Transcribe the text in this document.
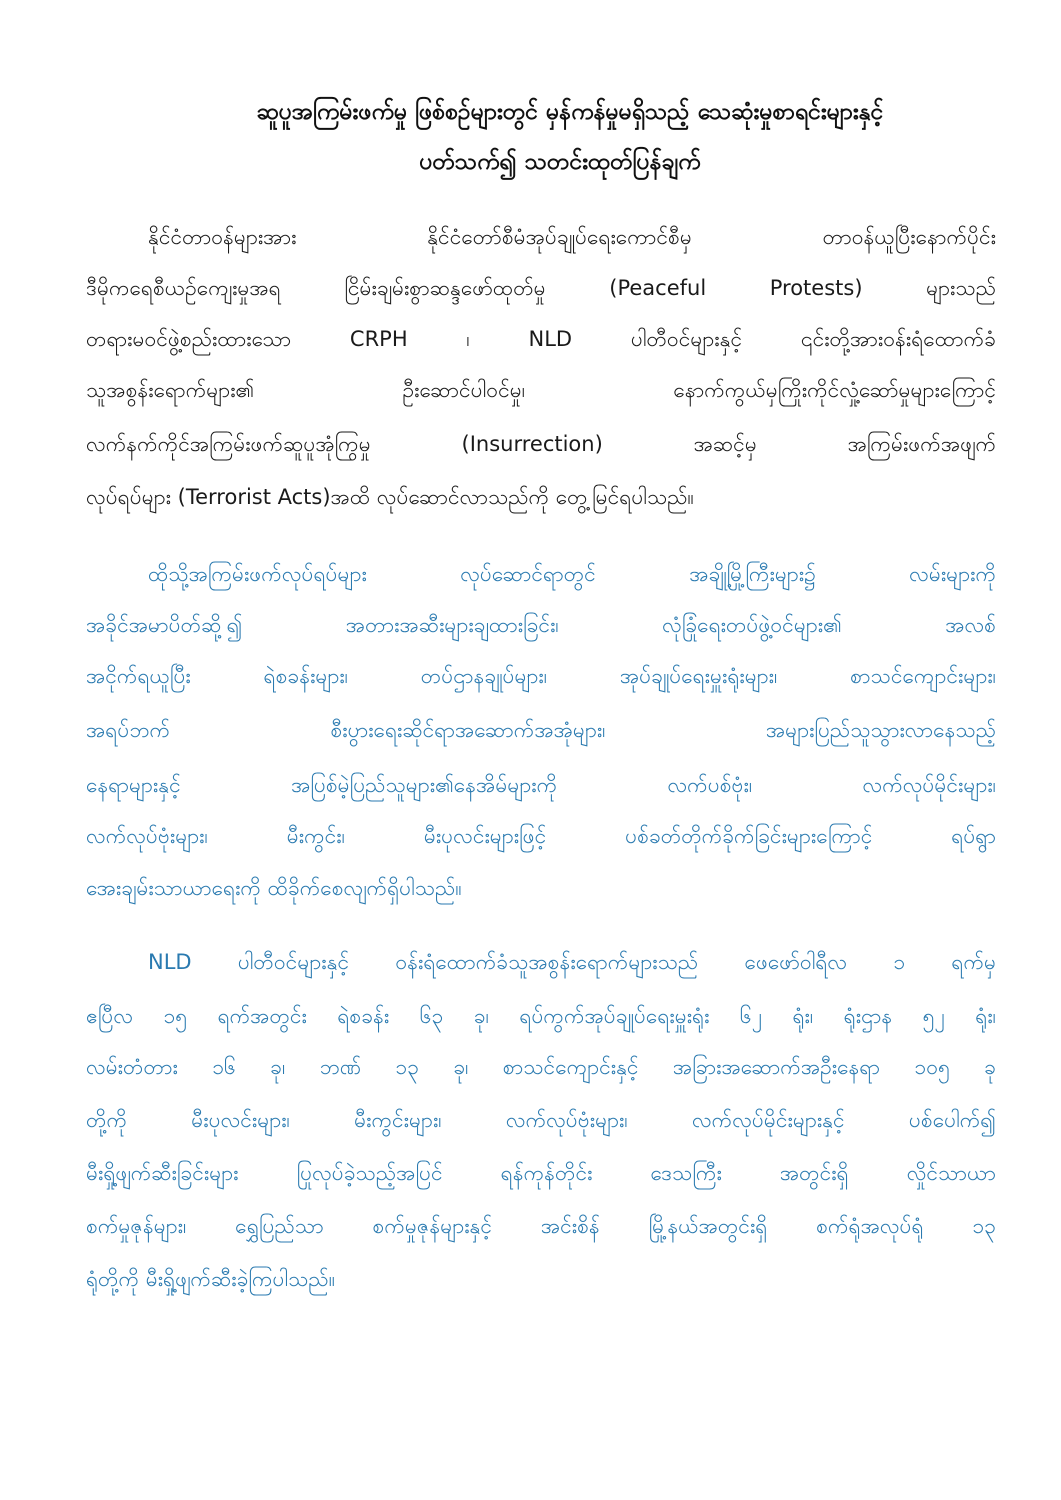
ဆူပူအကြမ်းဖက်မှု ဖြစ်စဉ်များတွင် မှန်ကန်မှုမရှိသည့် သေဆုံးမှုစာရင်းများနှင့်
ပတ်သက်၍ သတင်းထုတ်ပြန်ချက်
နိုင်ငံတာဝန်များအား နိုင်ငံတော်စီမံအုပ်ချုပ်ရေးကောင်စီမှ တာဝန်ယူပြီးနောက်ပိုင်း
ဒီမိုကရေစီယဉ်ကျေးမှုအရ ငြိမ်းချမ်းစွာဆန္ဒဖော်ထုတ်မှု (Peaceful Protests) များသည်
တရားမဝင်ဖွဲ့စည်းထားသော CRPH ၊ NLD ပါတီဝင်များနှင့် ၎င်းတို့အားဝန်းရံထောက်ခံ
သူအစွန်းရောက်များ၏ ဦးဆောင်ပါဝင်မှု၊ နောက်ကွယ်မှကြိုးကိုင်လှုံ့ဆော်မှုများကြောင့်
လက်နက်ကိုင်အကြမ်းဖက်ဆူပူအုံကြွမှု (Insurrection) အဆင့်မှ အကြမ်းဖက်အဖျက်
လုပ်ရပ်များ (Terrorist Acts)အထိ လုပ်ဆောင်လာသည်ကို တွေ့မြင်ရပါသည်။
ထိုသို့အကြမ်းဖက်လုပ်ရပ်များ လုပ်ဆောင်ရာတွင် အချို့မြို့ကြီးများ၌ လမ်းများကို
အခိုင်အမာပိတ်ဆို့၍ အတားအဆီးများချထားခြင်း၊ လုံခြုံရေးတပ်ဖွဲ့ဝင်များ၏ အလစ်
အငိုက်ရယူပြီး ရဲစခန်းများ၊ တပ်ဌာနချုပ်များ၊ အုပ်ချုပ်ရေးမှူးရုံးများ၊ စာသင်ကျောင်းများ၊
အရပ်ဘက် စီးပွားရေးဆိုင်ရာအဆောက်အအုံများ၊ အများပြည်သူသွားလာနေသည့်
နေရာများနှင့် အပြစ်မဲ့ပြည်သူများ၏နေအိမ်များကို လက်ပစ်ဗုံး၊ လက်လုပ်မိုင်းများ၊
လက်လုပ်ဗုံးများ၊ မီးကွင်း၊ မီးပုလင်းများဖြင့် ပစ်ခတ်တိုက်ခိုက်ခြင်းများကြောင့် ရပ်ရွာ
အေးချမ်းသာယာရေးကို ထိခိုက်စေလျက်ရှိပါသည်။
NLD ပါတီဝင်များနှင့် ဝန်းရံထောက်ခံသူအစွန်းရောက်များသည် ဖေဖော်ဝါရီလ ၁ ရက်မှ
ဧပြီလ ၁၅ ရက်အတွင်း ရဲစခန်း ၆၃ ခု၊ ရပ်ကွက်အုပ်ချုပ်ရေးမှူးရုံး ၆၂ ရုံး၊ ရုံးဌာန ၅၂ ရုံး၊
လမ်းတံတား ၁၆ ခု၊ ဘဏ် ၁၃ ခု၊ စာသင်ကျောင်းနှင့် အခြားအဆောက်အဦးနေရာ ၁၀၅ ခု
တို့ကို မီးပုလင်းများ၊ မီးကွင်းများ၊ လက်လုပ်ဗုံးများ၊ လက်လုပ်မိုင်းများနှင့် ပစ်ပေါက်၍
မီးရှို့ဖျက်ဆီးခြင်းများ ပြုလုပ်ခဲ့သည့်အပြင် ရန်ကုန်တိုင်း ဒေသကြီး အတွင်းရှိ လှိုင်သာယာ
စက်မှုဇုန်များ၊ ရွှေပြည်သာ စက်မှုဇုန်များနှင့် အင်းစိန် မြို့နယ်အတွင်းရှိ စက်ရုံအလုပ်ရုံ ၁၃
ရုံတို့ကို မီးရှို့ဖျက်ဆီးခဲ့ကြပါသည်။
